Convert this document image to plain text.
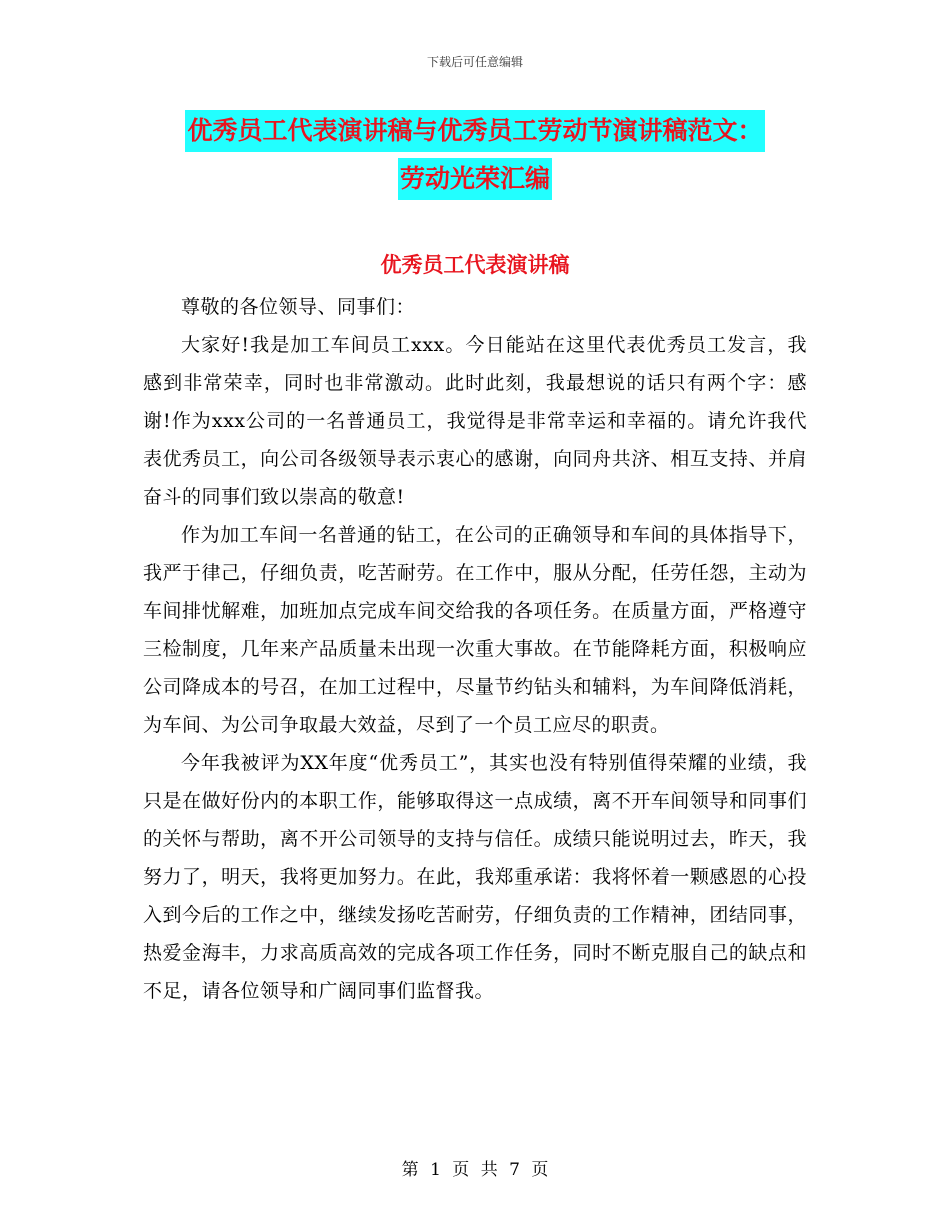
下载后可任意编辑
优秀员工代表演讲稿与优秀员工劳动节演讲稿范文：
劳动光荣汇编
优秀员工代表演讲稿

尊敬的各位领导、同事们：

大家好!我是加工车间员工xxx。今日能站在这里代表优秀员工发言，我感到非常荣幸，同时也非常激动。此时此刻，我最想说的话只有两个字：感谢!作为xxx公司的一名普通员工，我觉得是非常幸运和幸福的。请允许我代表优秀员工，向公司各级领导表示衷心的感谢，向同舟共济、相互支持、并肩奋斗的同事们致以崇高的敬意!

作为加工车间一名普通的钻工，在公司的正确领导和车间的具体指导下，我严于律己，仔细负责，吃苦耐劳。在工作中，服从分配，任劳任怨，主动为车间排忧解难，加班加点完成车间交给我的各项任务。在质量方面，严格遵守三检制度，几年来产品质量未出现一次重大事故。在节能降耗方面，积极响应公司降成本的号召，在加工过程中，尽量节约钻头和辅料，为车间降低消耗，为车间、为公司争取最大效益，尽到了一个员工应尽的职责。

今年我被评为XX年度“优秀员工”，其实也没有特别值得荣耀的业绩，我只是在做好份内的本职工作，能够取得这一点成绩，离不开车间领导和同事们的关怀与帮助，离不开公司领导的支持与信任。成绩只能说明过去，昨天，我努力了，明天，我将更加努力。在此，我郑重承诺：我将怀着一颗感恩的心投入到今后的工作之中，继续发扬吃苦耐劳，仔细负责的工作精神，团结同事，热爱金海丰，力求高质高效的完成各项工作任务，同时不断克服自己的缺点和不足，请各位领导和广阔同事们监督我。

第 1 页 共 7 页
